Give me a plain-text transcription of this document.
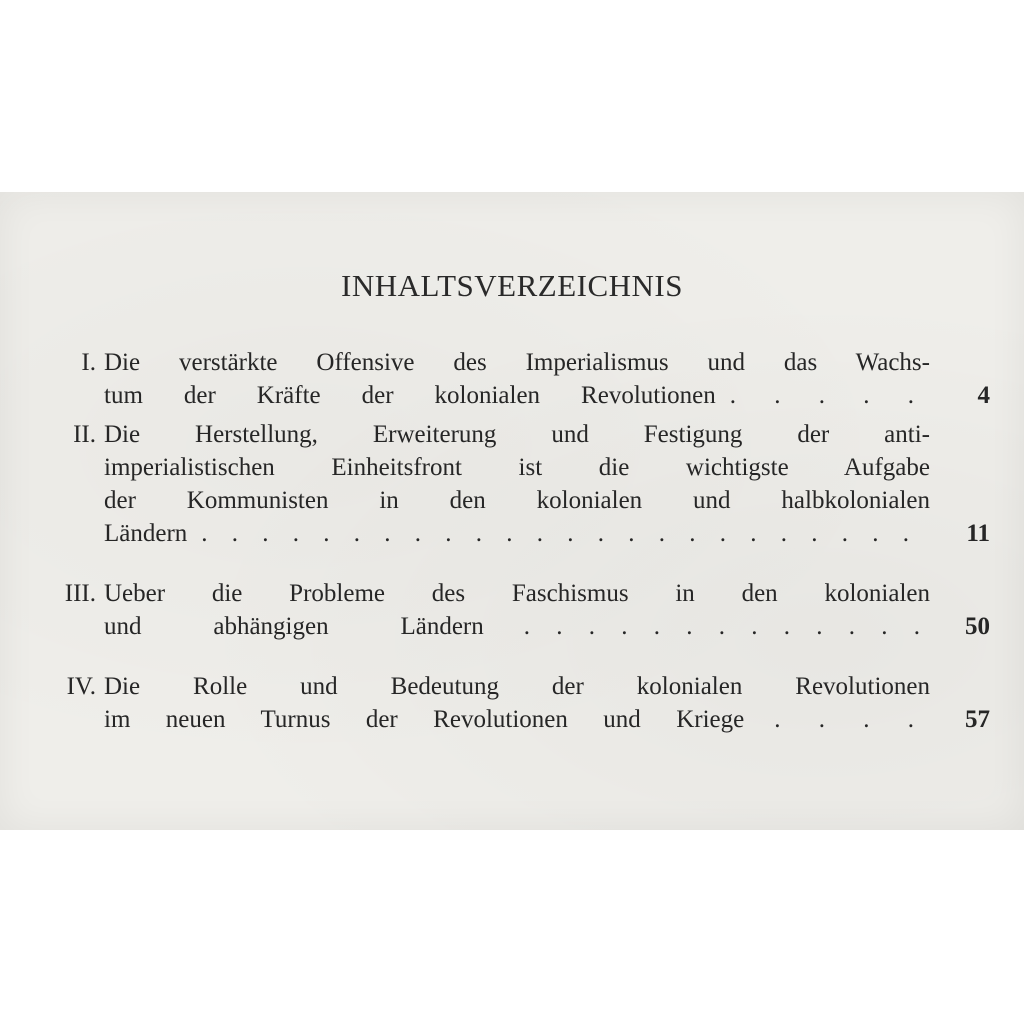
INHALTSVERZEICHNIS
I. Die verstärkte Offensive des Imperialismus und das Wachs-
tum der Kräfte der kolonialen Revolutionen . . . . .	4
II. Die Herstellung, Erweiterung und Festigung der anti-
imperialistischen Einheitsfront ist die wichtigste Aufgabe
der Kommunisten in den kolonialen und halbkolonialen
Ländern . . . . . . . . . . . . . . . . . . . . . . . .	11
III. Ueber die Probleme des Faschismus in den kolonialen
und abhängigen Ländern . . . . . . . . . . . . .	50
IV. Die Rolle und Bedeutung der kolonialen Revolutionen
im neuen Turnus der Revolutionen und Kriege . . . .	57
